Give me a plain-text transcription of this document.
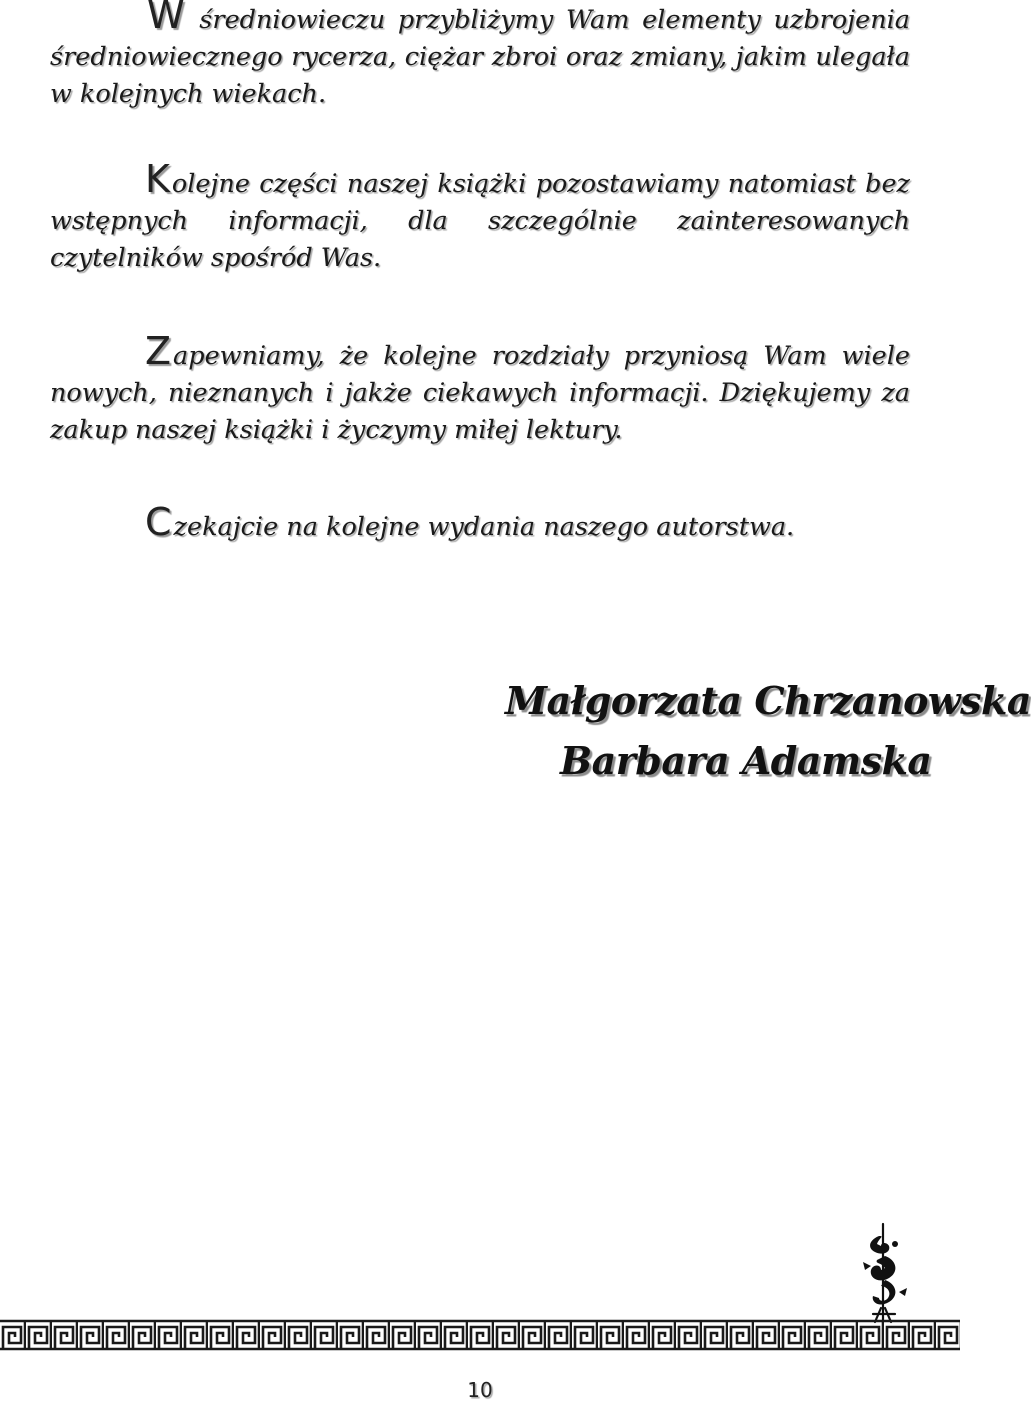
W średniowieczu przybliżymy Wam elementy uzbrojenia średniowiecznego rycerza, ciężar zbroi oraz zmiany, jakim ulegała w kolejnych wiekach.

Kolejne części naszej książki pozostawiamy natomiast bez wstępnych informacji, dla szczególnie zainteresowanych czytelników spośród Was.

Zapewniamy, że kolejne rozdziały przyniosą Wam wiele nowych, nieznanych i jakże ciekawych informacji. Dziękujemy za zakup naszej książki i życzymy miłej lektury.

Czekajcie na kolejne wydania naszego autorstwa.

Małgorzata Chrzanowska
Barbara Adamska
10
